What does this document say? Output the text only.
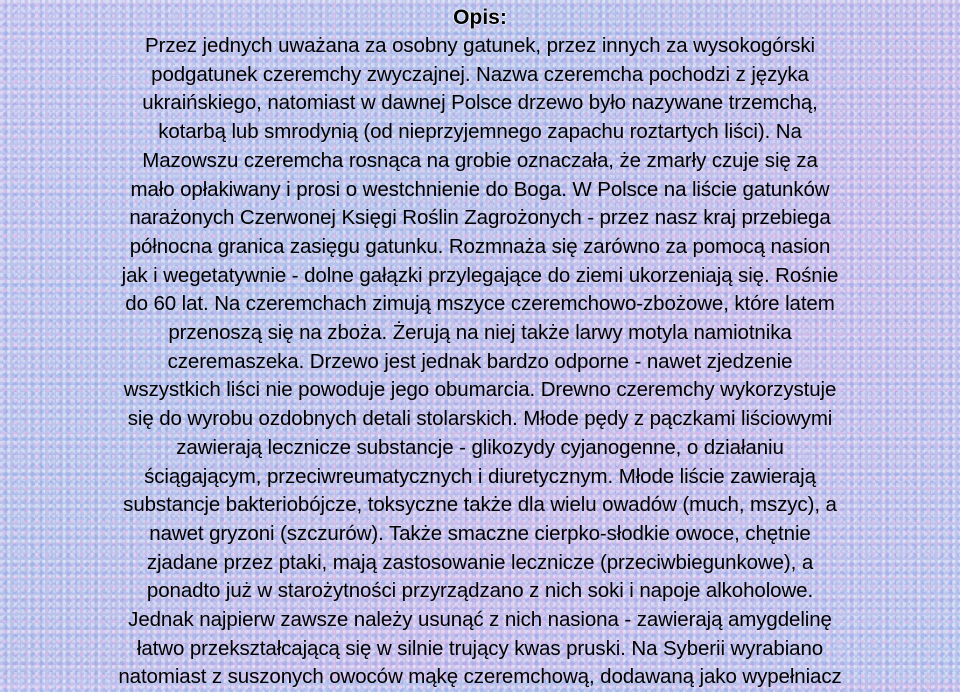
Opis:

Przez jednych uważana za osobny gatunek, przez innych za wysokogórski
podgatunek czeremchy zwyczajnej. Nazwa czeremcha pochodzi z języka
ukraińskiego, natomiast w dawnej Polsce drzewo było nazywane trzemchą,
kotarbą lub smrodynią (od nieprzyjemnego zapachu roztartych liści). Na
Mazowszu czeremcha rosnąca na grobie oznaczała, że zmarły czuje się za
mało opłakiwany i prosi o westchnienie do Boga. W Polsce na liście gatunków
narażonych Czerwonej Księgi Roślin Zagrożonych - przez nasz kraj przebiega
północna granica zasięgu gatunku. Rozmnaża się zarówno za pomocą nasion
jak i wegetatywnie - dolne gałązki przylegające do ziemi ukorzeniają się. Rośnie
do 60 lat. Na czeremchach zimują mszyce czeremchowo-zbożowe, które latem
przenoszą się na zboża. Żerują na niej także larwy motyla namiotnika
czeremaszeka. Drzewo jest jednak bardzo odporne - nawet zjedzenie
wszystkich liści nie powoduje jego obumarcia. Drewno czeremchy wykorzystuje
się do wyrobu ozdobnych detali stolarskich. Młode pędy z pączkami liściowymi
zawierają lecznicze substancje - glikozydy cyjanogenne, o działaniu
ściągającym, przeciwreumatycznych i diuretycznym. Młode liście zawierają
substancje bakteriobójcze, toksyczne także dla wielu owadów (much, mszyc), a
nawet gryzoni (szczurów). Także smaczne cierpko-słodkie owoce, chętnie
zjadane przez ptaki, mają zastosowanie lecznicze (przeciwbiegunkowe), a
ponadto już w starożytności przyrządzano z nich soki i napoje alkoholowe.
Jednak najpierw zawsze należy usunąć z nich nasiona - zawierają amygdelinę
łatwo przekształcającą się w silnie trujący kwas pruski. Na Syberii wyrabiano
natomiast z suszonych owoców mąkę czeremchową, dodawaną jako wypełniacz
